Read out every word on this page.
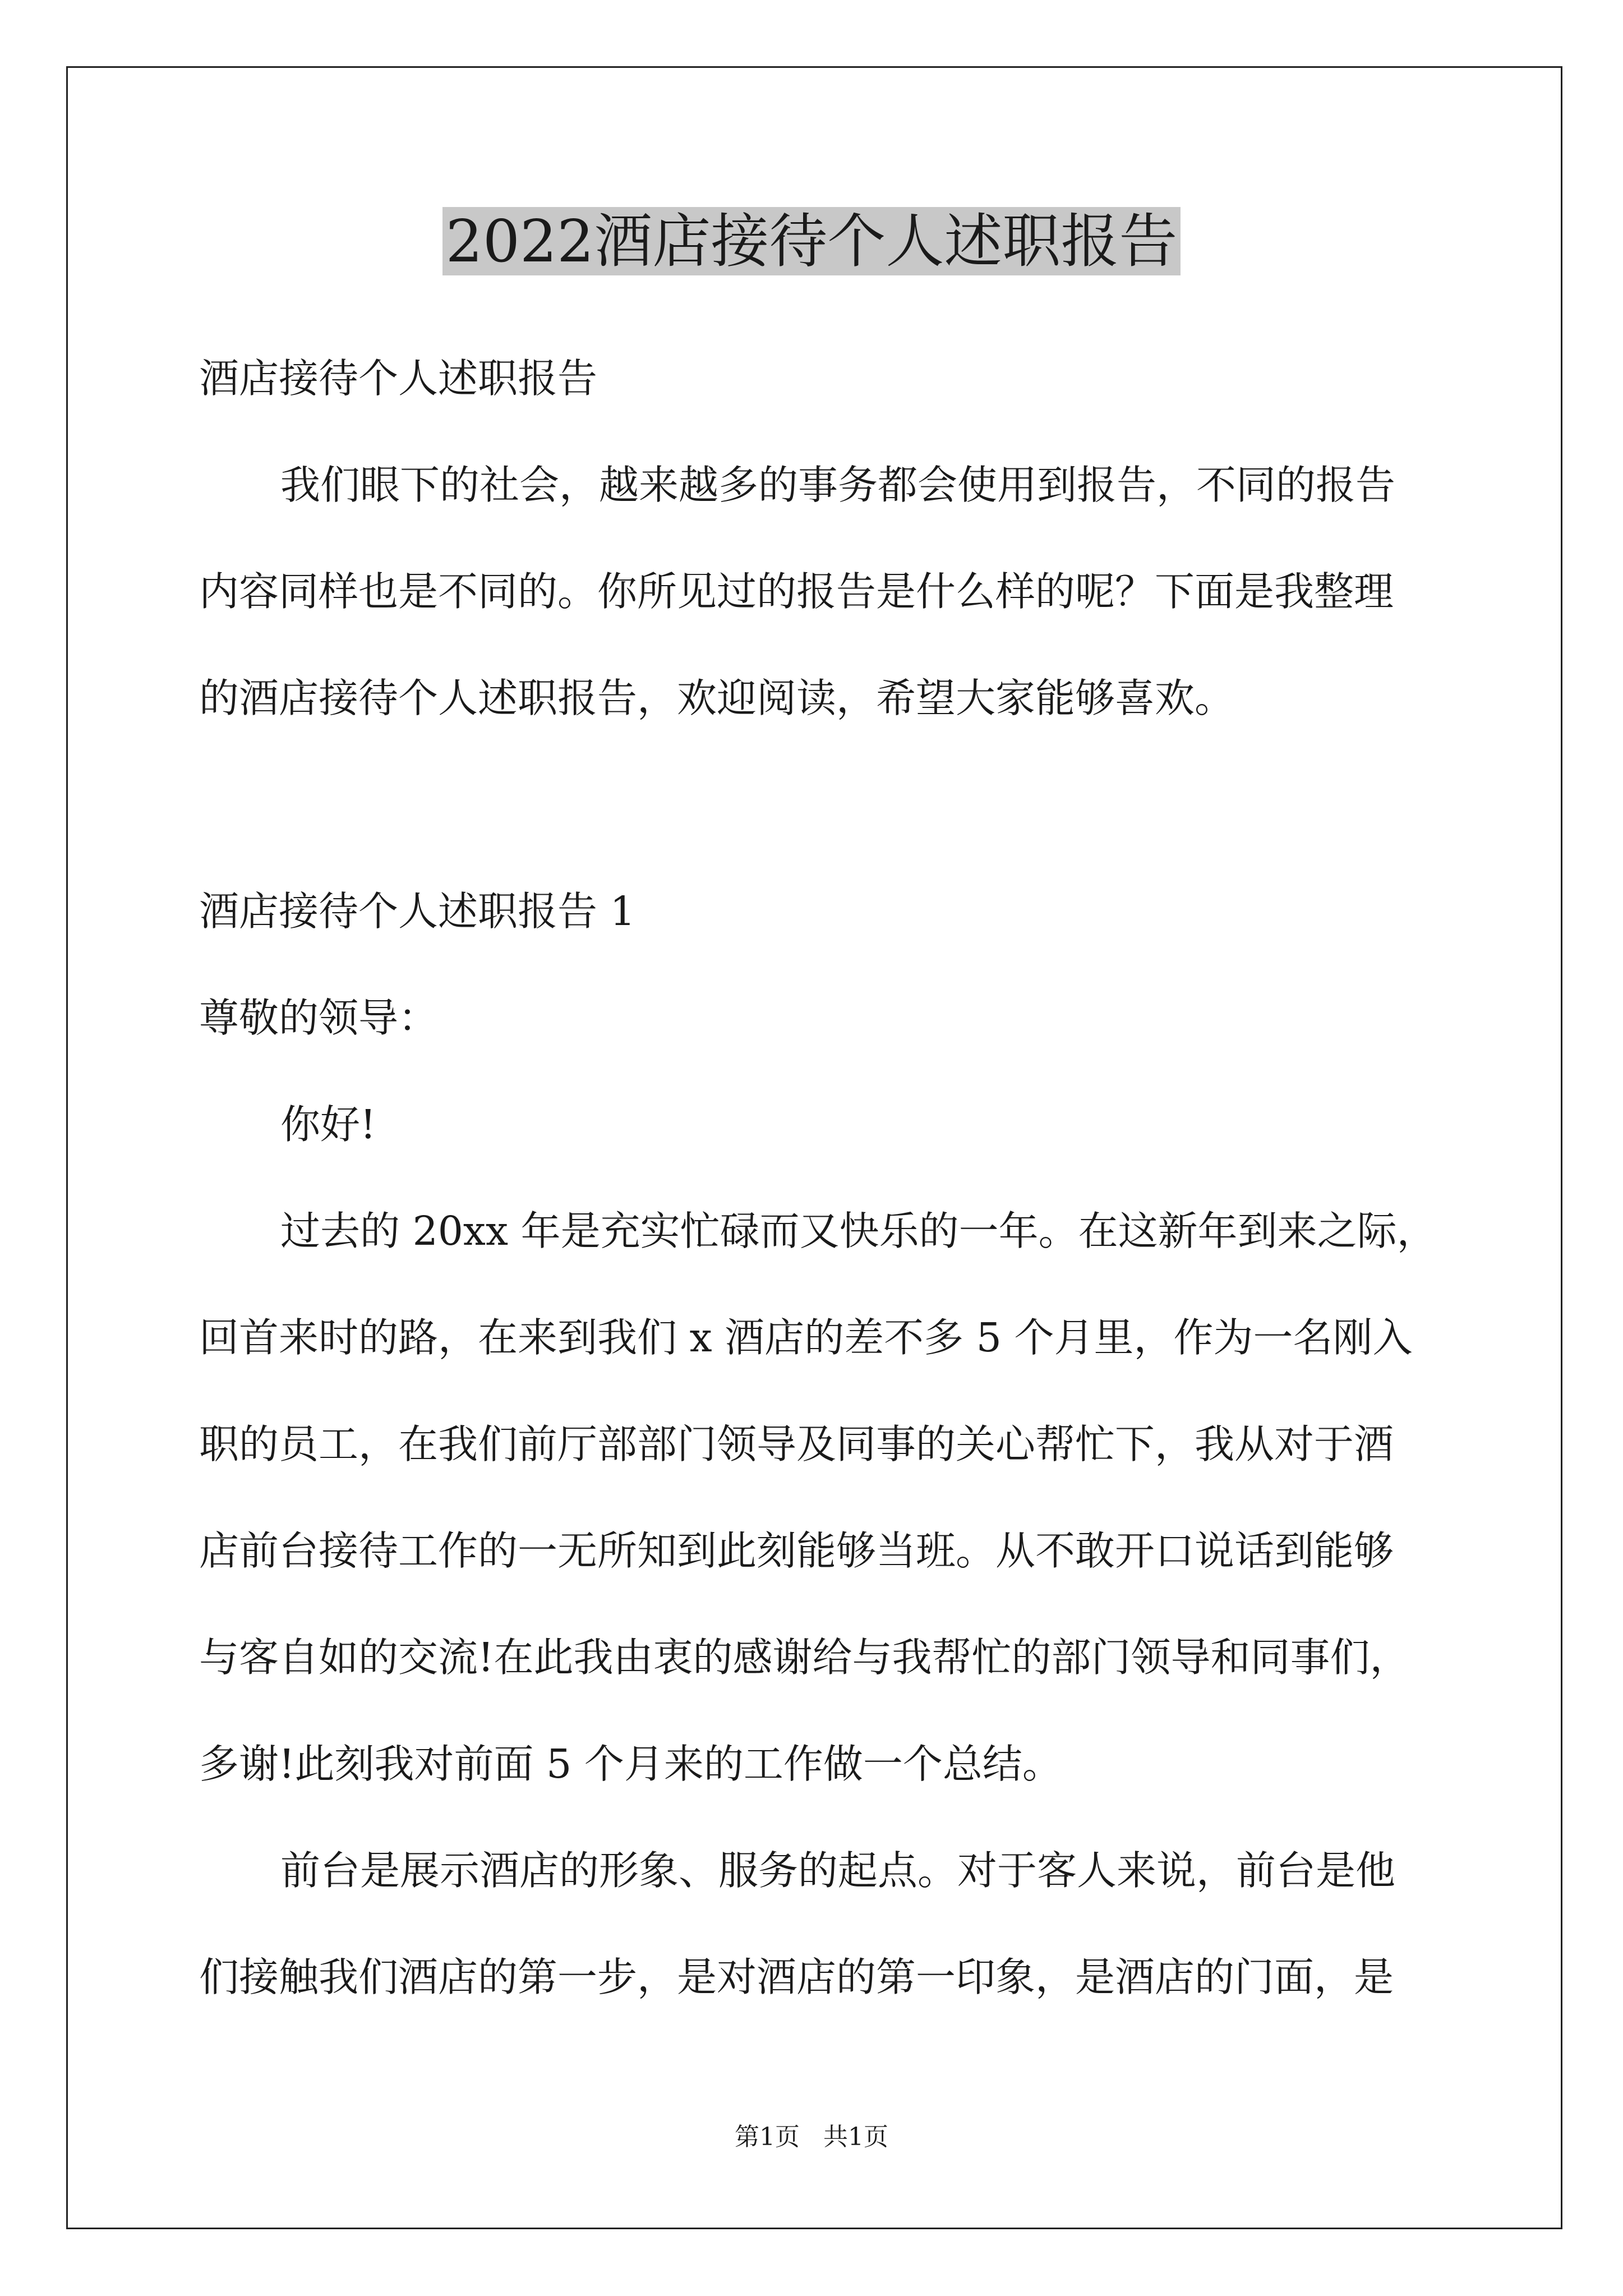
2022酒店接待个人述职报告

酒店接待个人述职报告

我们眼下的社会，越来越多的事务都会使用到报告，不同的报告

内容同样也是不同的。你所见过的报告是什么样的呢？下面是我整理

的酒店接待个人述职报告，欢迎阅读，希望大家能够喜欢。

酒店接待个人述职报告 1

尊敬的领导：

你好!

过去的 20xx 年是充实忙碌而又快乐的一年。在这新年到来之际，

回首来时的路，在来到我们 x 酒店的差不多 5 个月里，作为一名刚入

职的员工，在我们前厅部部门领导及同事的关心帮忙下，我从对于酒

店前台接待工作的一无所知到此刻能够当班。从不敢开口说话到能够

与客自如的交流!在此我由衷的感谢给与我帮忙的部门领导和同事们，

多谢!此刻我对前面 5 个月来的工作做一个总结。

前台是展示酒店的形象、服务的起点。对于客人来说，前台是他

们接触我们酒店的第一步，是对酒店的第一印象，是酒店的门面，是

第1页   共1页
